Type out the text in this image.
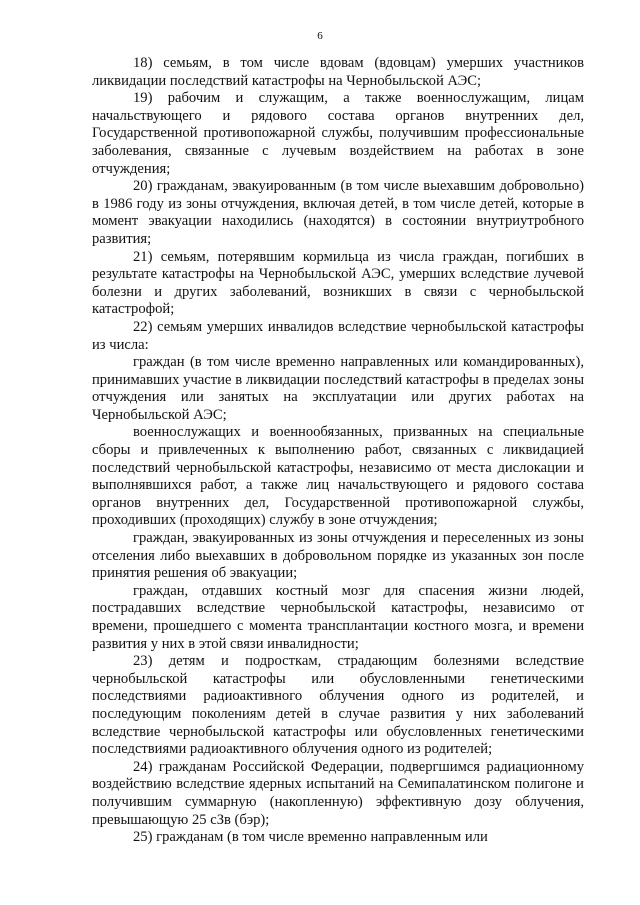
6

18) семьям, в том числе вдовам (вдовцам) умерших участников ликвидации последствий катастрофы на Чернобыльской АЭС;

19) рабочим и служащим, а также военнослужащим, лицам начальствующего и рядового состава органов внутренних дел, Государственной противопожарной службы, получившим профессиональные заболевания, связанные с лучевым воздействием на работах в зоне отчуждения;

20) гражданам, эвакуированным (в том числе выехавшим добровольно) в 1986 году из зоны отчуждения, включая детей, в том числе детей, которые в момент эвакуации находились (находятся) в состоянии внутриутробного развития;

21) семьям, потерявшим кормильца из числа граждан, погибших в результате катастрофы на Чернобыльской АЭС, умерших вследствие лучевой болезни и других заболеваний, возникших в связи с чернобыльской катастрофой;

22) семьям умерших инвалидов вследствие чернобыльской катастрофы из числа:

граждан (в том числе временно направленных или командированных), принимавших участие в ликвидации последствий катастрофы в пределах зоны отчуждения или занятых на эксплуатации или других работах на Чернобыльской АЭС;

военнослужащих и военнообязанных, призванных на специальные сборы и привлеченных к выполнению работ, связанных с ликвидацией последствий чернобыльской катастрофы, независимо от места дислокации и выполнявшихся работ, а также лиц начальствующего и рядового состава органов внутренних дел, Государственной противопожарной службы, проходивших (проходящих) службу в зоне отчуждения;

граждан, эвакуированных из зоны отчуждения и переселенных из зоны отселения либо выехавших в добровольном порядке из указанных зон после принятия решения об эвакуации;

граждан, отдавших костный мозг для спасения жизни людей, пострадавших вследствие чернобыльской катастрофы, независимо от времени, прошедшего с момента трансплантации костного мозга, и времени развития у них в этой связи инвалидности;

23) детям и подросткам, страдающим болезнями вследствие чернобыльской катастрофы или обусловленными генетическими последствиями радиоактивного облучения одного из родителей, и последующим поколениям детей в случае развития у них заболеваний вследствие чернобыльской катастрофы или обусловленных генетическими последствиями радиоактивного облучения одного из родителей;

24) гражданам Российской Федерации, подвергшимся радиационному воздействию вследствие ядерных испытаний на Семипалатинском полигоне и получившим суммарную (накопленную) эффективную дозу облучения, превышающую 25 сЗв (бэр);

25) гражданам (в том числе временно направленным или
